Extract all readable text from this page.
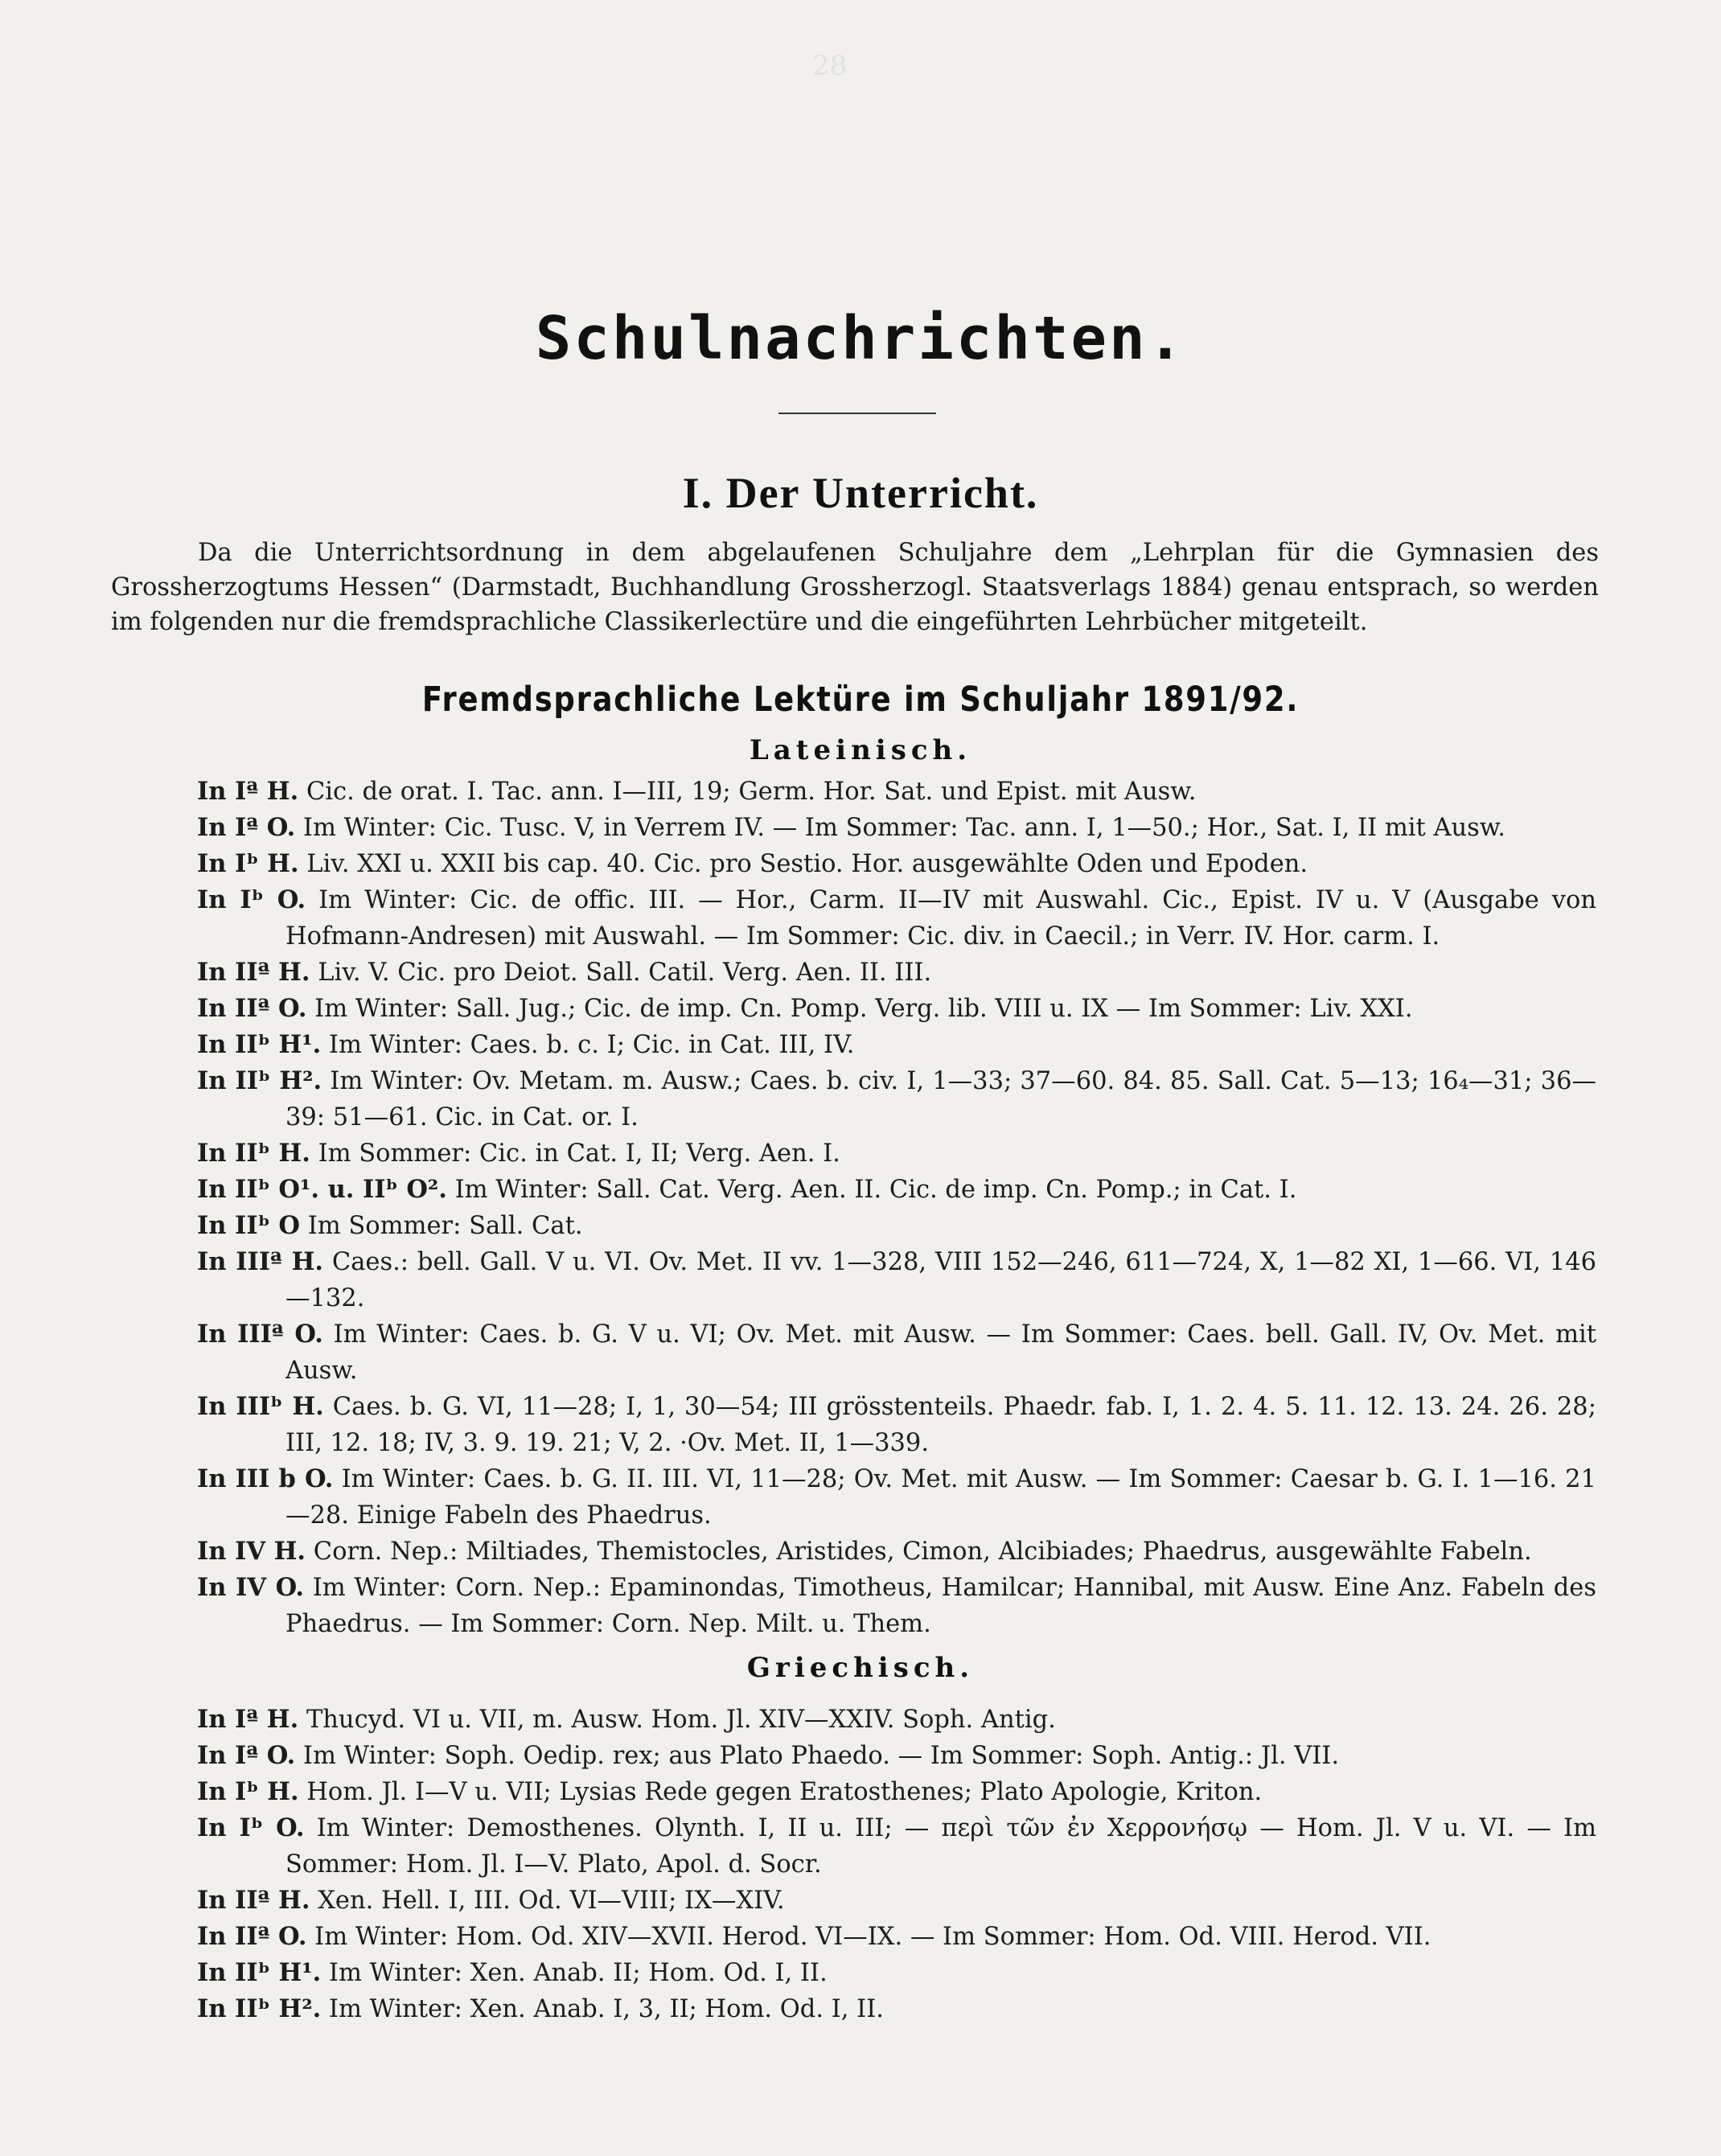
28
Schulnachrichten.
I. Der Unterricht.

Da die Unterrichtsordnung in dem abgelaufenen Schuljahre dem „Lehrplan für die Gymnasien des Grossherzogtums Hessen“ (Darmstadt, Buchhandlung Grossherzogl. Staatsverlags 1884) genau entsprach, so werden im folgenden nur die fremdsprachliche Classikerlectüre und die eingeführten Lehrbücher mitgeteilt.

Fremdsprachliche Lektüre im Schuljahr 1891/92.
Lateinisch.
In Iª H. Cic. de orat. I. Tac. ann. I—III, 19; Germ. Hor. Sat. und Epist. mit Ausw.
In Iª O. Im Winter: Cic. Tusc. V, in Verrem IV. — Im Sommer: Tac. ann. I, 1—50.; Hor., Sat. I, II mit Ausw.
In Iᵇ H. Liv. XXI u. XXII bis cap. 40. Cic. pro Sestio. Hor. ausgewählte Oden und Epoden.
In Iᵇ O. Im Winter: Cic. de offic. III. — Hor., Carm. II—IV mit Auswahl. Cic., Epist. IV u. V (Ausgabe von Hofmann-Andresen) mit Auswahl. — Im Sommer: Cic. div. in Caecil.; in Verr. IV. Hor. carm. I.
In IIª H. Liv. V. Cic. pro Deiot. Sall. Catil. Verg. Aen. II. III.
In IIª O. Im Winter: Sall. Jug.; Cic. de imp. Cn. Pomp. Verg. lib. VIII u. IX — Im Sommer: Liv. XXI.
In IIᵇ H¹. Im Winter: Caes. b. c. I; Cic. in Cat. III, IV.
In IIᵇ H². Im Winter: Ov. Metam. m. Ausw.; Caes. b. civ. I, 1—33; 37—60. 84. 85. Sall. Cat. 5—13; 16₄—31; 36—39: 51—61. Cic. in Cat. or. I.
In IIᵇ H. Im Sommer: Cic. in Cat. I, II; Verg. Aen. I.
In IIᵇ O¹. u. IIᵇ O². Im Winter: Sall. Cat. Verg. Aen. II. Cic. de imp. Cn. Pomp.; in Cat. I.
In IIᵇ O Im Sommer: Sall. Cat.
In IIIª H. Caes.: bell. Gall. V u. VI. Ov. Met. II vv. 1—328, VIII 152—246, 611—724, X, 1—82 XI, 1—66. VI, 146—132.
In IIIª O. Im Winter: Caes. b. G. V u. VI; Ov. Met. mit Ausw. — Im Sommer: Caes. bell. Gall. IV, Ov. Met. mit Ausw.
In IIIᵇ H. Caes. b. G. VI, 11—28; I, 1, 30—54; III grösstenteils. Phaedr. fab. I, 1. 2. 4. 5. 11. 12. 13. 24. 26. 28; III, 12. 18; IV, 3. 9. 19. 21; V, 2. ·Ov. Met. II, 1—339.
In III b O. Im Winter: Caes. b. G. II. III. VI, 11—28; Ov. Met. mit Ausw. — Im Sommer: Caesar b. G. I. 1—16. 21—28. Einige Fabeln des Phaedrus.
In IV H. Corn. Nep.: Miltiades, Themistocles, Aristides, Cimon, Alcibiades; Phaedrus, ausgewählte Fabeln.
In IV O. Im Winter: Corn. Nep.: Epaminondas, Timotheus, Hamilcar; Hannibal, mit Ausw. Eine Anz. Fabeln des Phaedrus. — Im Sommer: Corn. Nep. Milt. u. Them.
Griechisch.
In Iª H. Thucyd. VI u. VII, m. Ausw. Hom. Jl. XIV—XXIV. Soph. Antig.
In Iª O. Im Winter: Soph. Oedip. rex; aus Plato Phaedo. — Im Sommer: Soph. Antig.: Jl. VII.
In Iᵇ H. Hom. Jl. I—V u. VII; Lysias Rede gegen Eratosthenes; Plato Apologie, Kriton.
In Iᵇ O. Im Winter: Demosthenes. Olynth. I, II u. III; — περὶ τῶν ἐν Χερρονήσῳ — Hom. Jl. V u. VI. — Im Sommer: Hom. Jl. I—V. Plato, Apol. d. Socr.
In IIª H. Xen. Hell. I, III. Od. VI—VIII; IX—XIV.
In IIª O. Im Winter: Hom. Od. XIV—XVII. Herod. VI—IX. — Im Sommer: Hom. Od. VIII. Herod. VII.
In IIᵇ H¹. Im Winter: Xen. Anab. II; Hom. Od. I, II.
In IIᵇ H². Im Winter: Xen. Anab. I, 3, II; Hom. Od. I, II.
